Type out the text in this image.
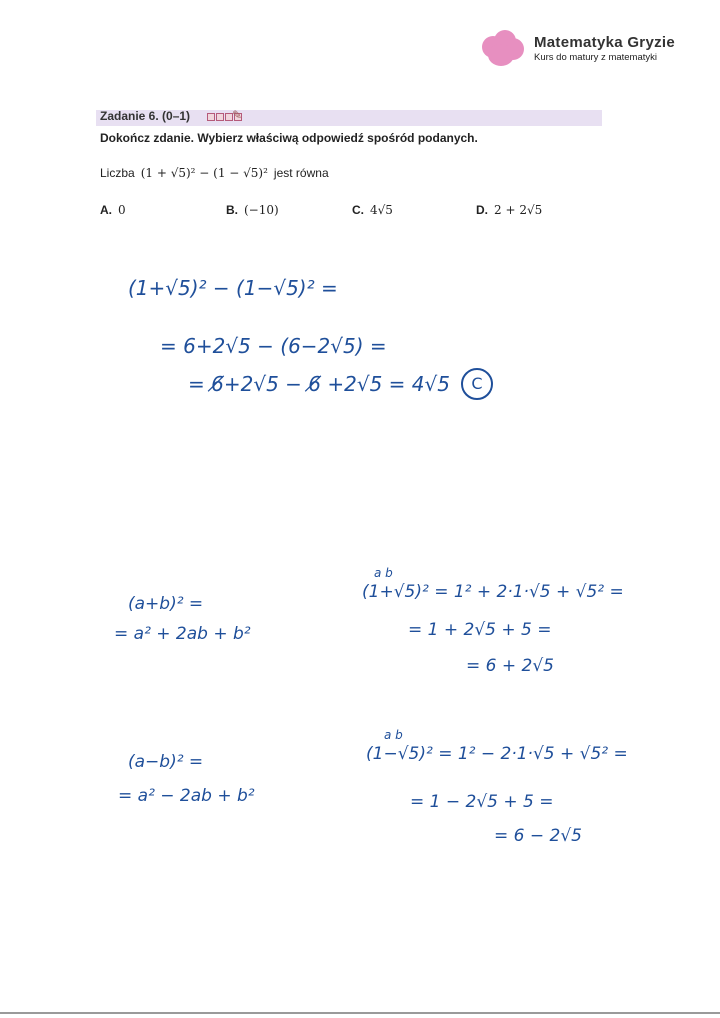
Matematyka Gryzie
Kurs do matury z matematyki
Zadanie 6. (0–1)	✎
Dokończ zdanie. Wybierz właściwą odpowiedź spośród podanych.
Liczba (1 + √5)² − (1 − √5)² jest równa
A. 0	B. (−10)	C. 4√5	D. 2 + 2√5
(1+√5)² − (1−√5)² =
= 6+2√5 − (6−2√5) =
= 6̸+2√5 − 6̸ +2√5 = 4√5	C
(a+b)² =
= a² + 2ab + b²
a b
(1+√5)² = 1² + 2·1·√5 + √5² =
= 1 + 2√5 + 5 =
= 6 + 2√5
(a−b)² =
= a² − 2ab + b²
a b
(1−√5)² = 1² − 2·1·√5 + √5² =
= 1 − 2√5 + 5 =
= 6 − 2√5
